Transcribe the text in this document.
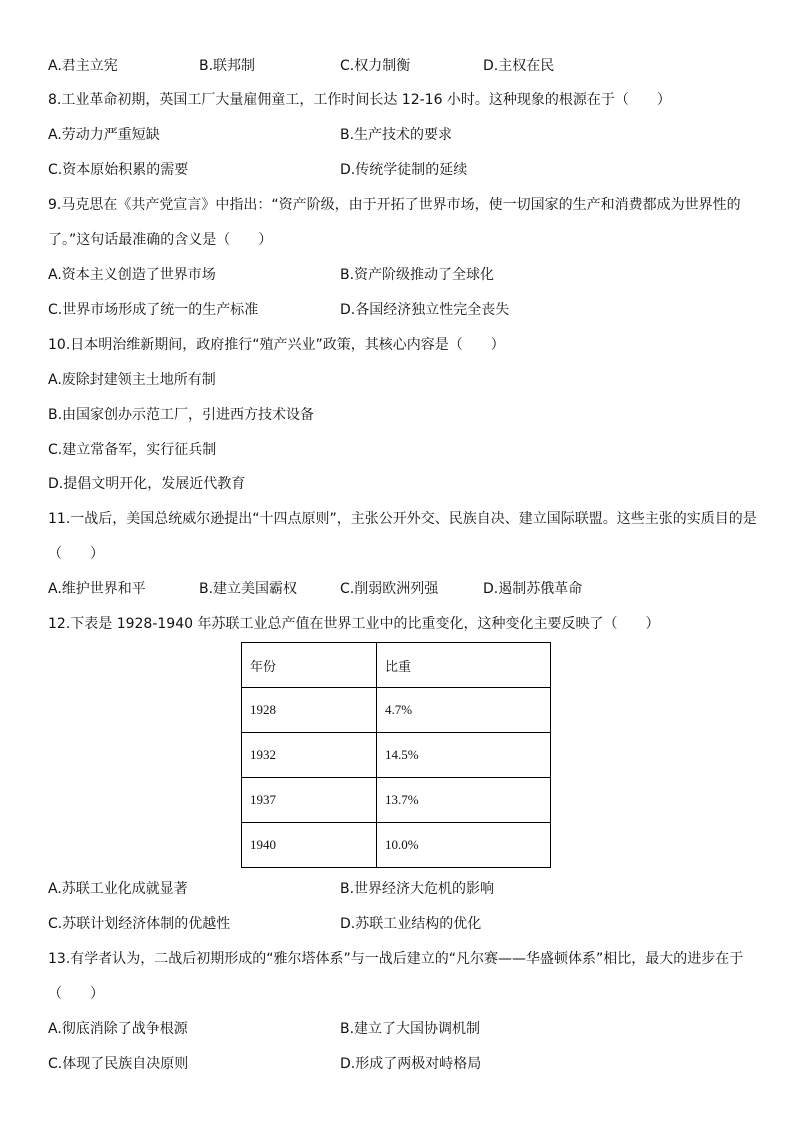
A.君主立宪	B.联邦制	C.权力制衡	D.主权在民
8.工业革命初期，英国工厂大量雇佣童工，工作时间长达 12-16 小时。这种现象的根源在于（　　）
A.劳动力严重短缺	B.生产技术的要求
C.资本原始积累的需要	D.传统学徒制的延续
9.马克思在《共产党宣言》中指出：“资产阶级，由于开拓了世界市场，使一切国家的生产和消费都成为世界性的
了。”这句话最准确的含义是（　　）
A.资本主义创造了世界市场	B.资产阶级推动了全球化
C.世界市场形成了统一的生产标准	D.各国经济独立性完全丧失
10.日本明治维新期间，政府推行“殖产兴业”政策，其核心内容是（　　）
A.废除封建领主土地所有制
B.由国家创办示范工厂，引进西方技术设备
C.建立常备军，实行征兵制
D.提倡文明开化，发展近代教育
11.一战后，美国总统威尔逊提出“十四点原则”，主张公开外交、民族自决、建立国际联盟。这些主张的实质目的是
（　　）
A.维护世界和平	B.建立美国霸权	C.削弱欧洲列强	D.遏制苏俄革命
12.下表是 1928-1940 年苏联工业总产值在世界工业中的比重变化，这种变化主要反映了（　　）
年份	比重
1928	4.7%
1932	14.5%
1937	13.7%
1940	10.0%
A.苏联工业化成就显著	B.世界经济大危机的影响
C.苏联计划经济体制的优越性	D.苏联工业结构的优化
13.有学者认为，二战后初期形成的“雅尔塔体系”与一战后建立的“凡尔赛——华盛顿体系”相比，最大的进步在于
（　　）
A.彻底消除了战争根源	B.建立了大国协调机制
C.体现了民族自决原则	D.形成了两极对峙格局
